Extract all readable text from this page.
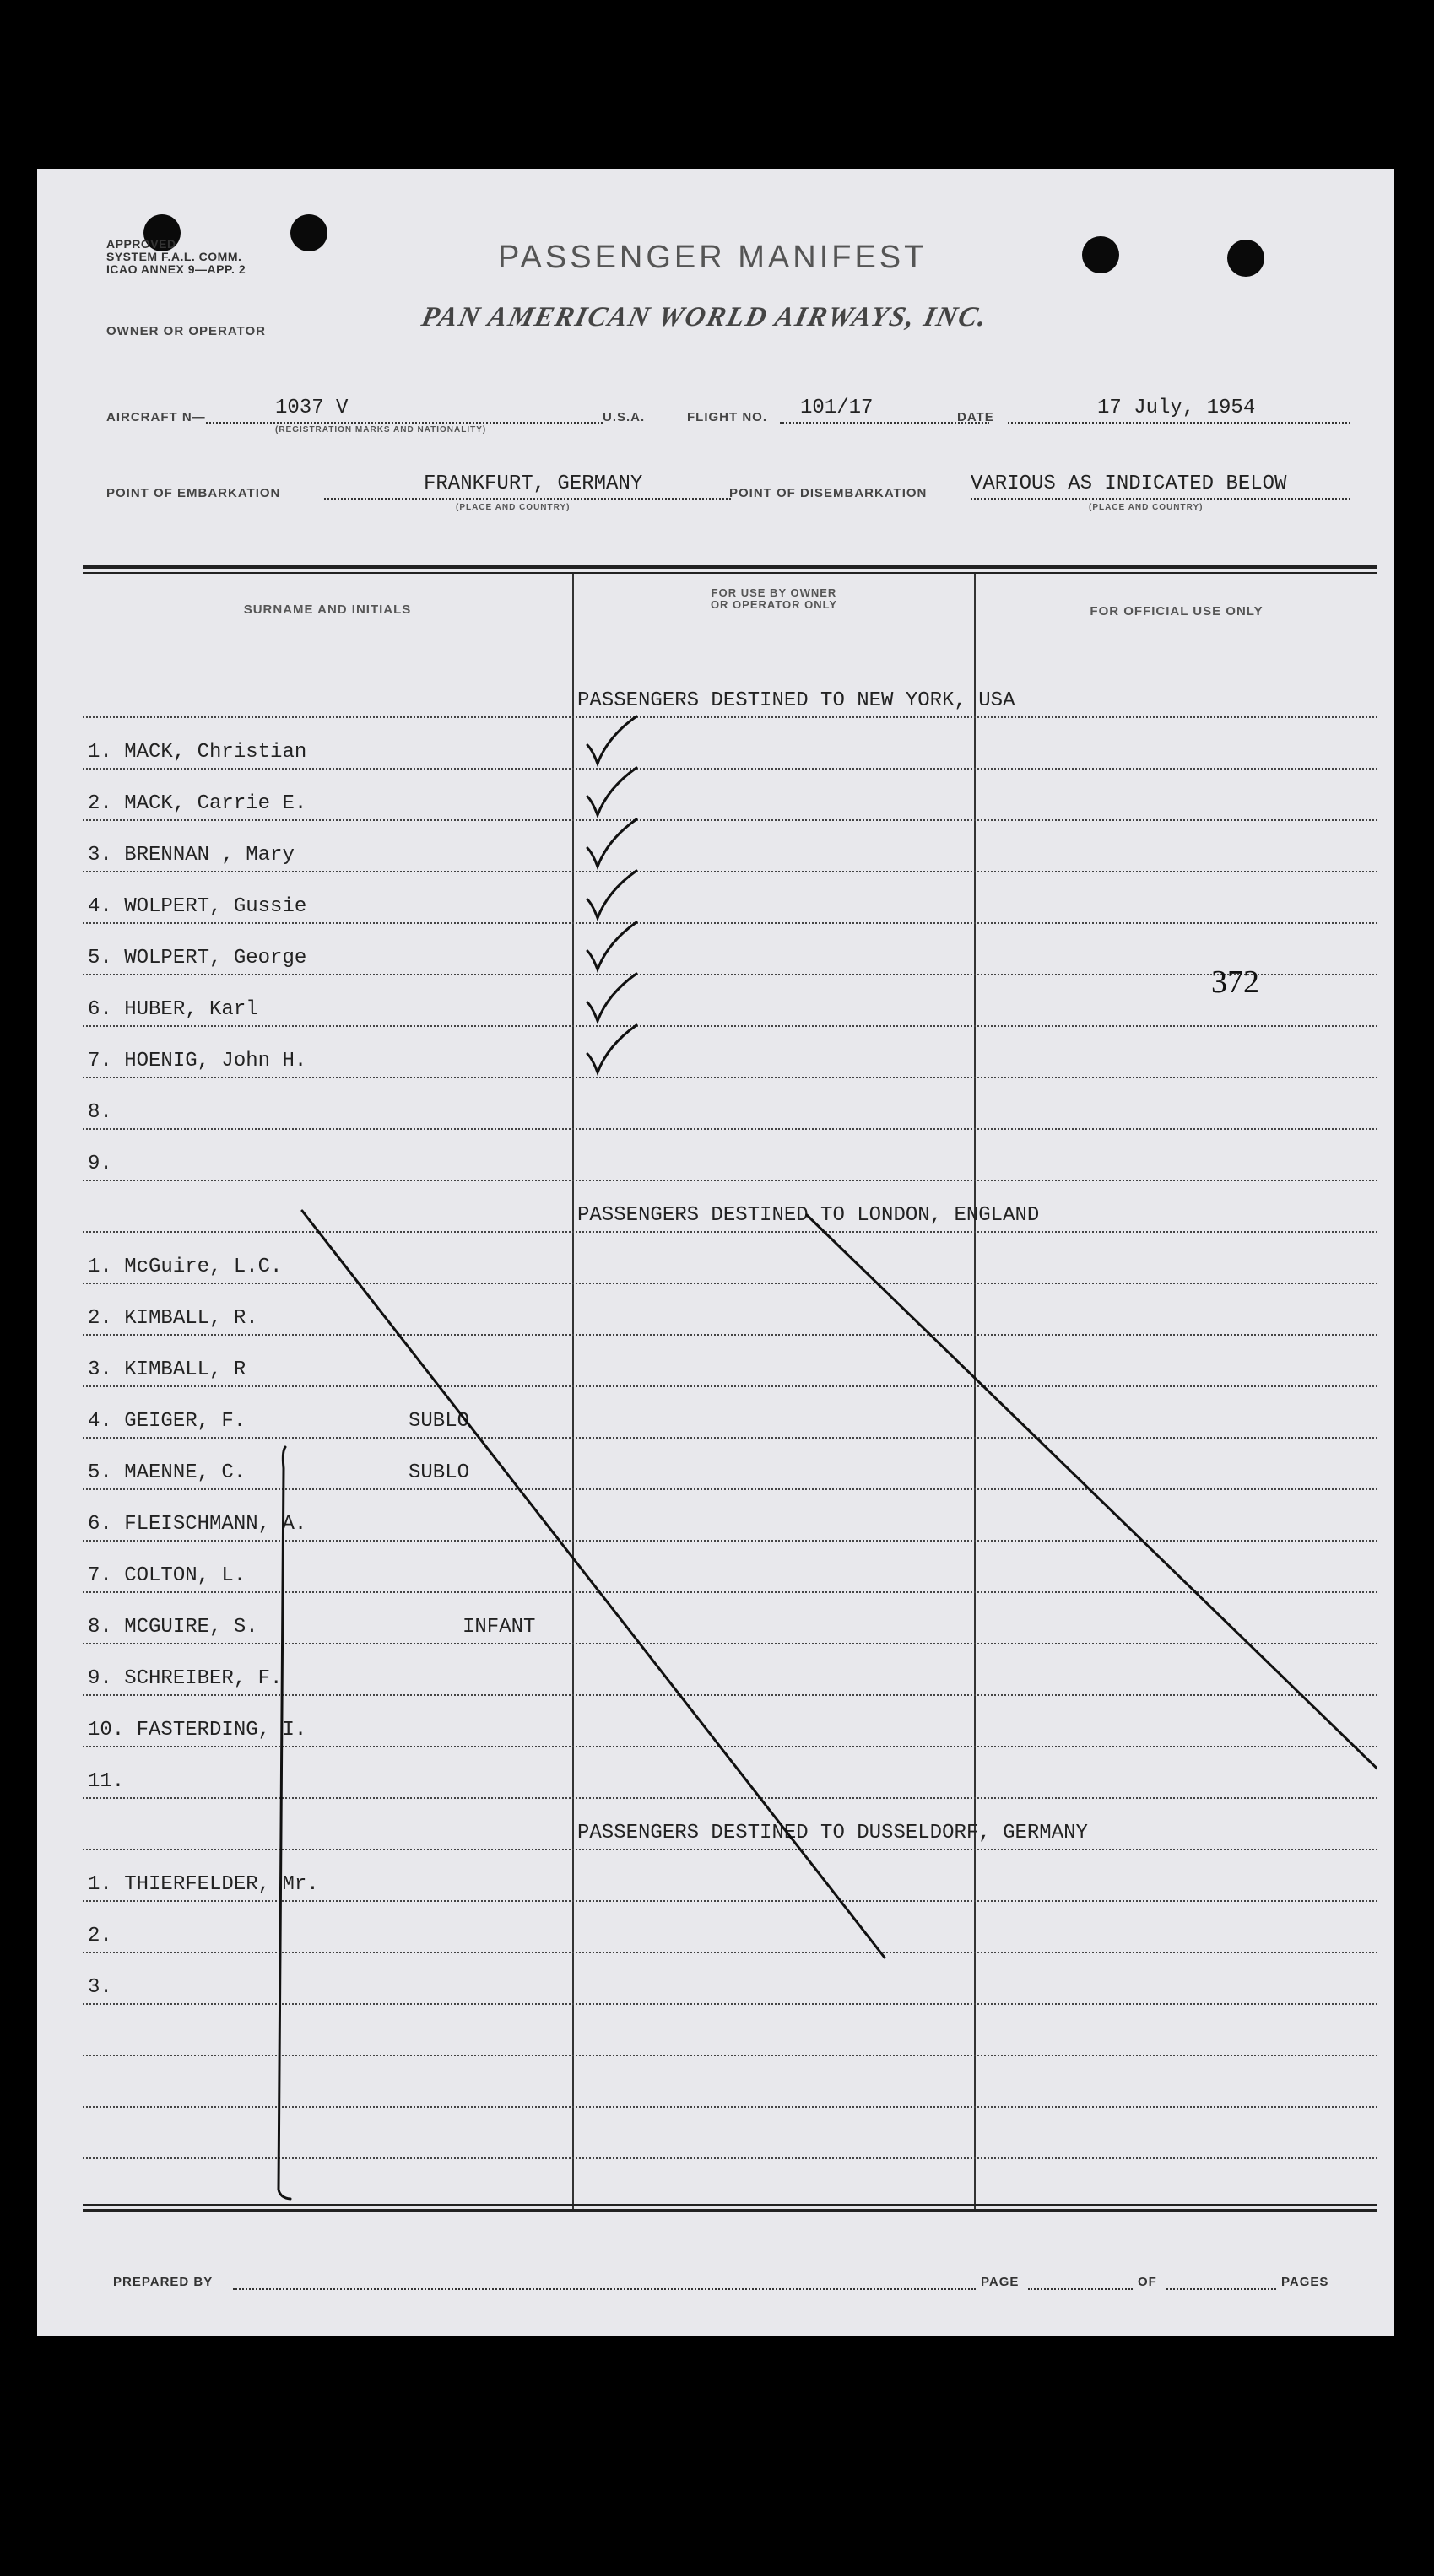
APPROVED
SYSTEM F.A.L. COMM.
ICAO ANNEX 9—APP. 2	PASSENGER MANIFEST
OWNER OR OPERATOR	PAN AMERICAN WORLD AIRWAYS, INC.
AIRCRAFT N—	1037 V
(REGISTRATION MARKS AND NATIONALITY)
U.S.A.	FLIGHT NO.	101/17	DATE	17 July, 1954
POINT OF EMBARKATION	FRANKFURT, GERMANY
(PLACE AND COUNTRY)
POINT OF DISEMBARKATION VARIOUS AS INDICATED BELOW
(PLACE AND COUNTRY)
SURNAME AND INITIALS
FOR USE BY OWNER
OR OPERATOR ONLY	FOR OFFICIAL USE ONLY
PASSENGERS DESTINED TO NEW YORK, USA
1. MACK, Christian
2. MACK, Carrie E.
3. BRENNAN , Mary
4. WOLPERT, Gussie
5. WOLPERT, George
6. HUBER, Karl
7. HOENIG, John H.
8.
9.
PASSENGERS DESTINED TO LONDON, ENGLAND
1. McGuire, L.C.
2. KIMBALL, R.
3. KIMBALL, R
4. GEIGER, F.	SUBLO
5. MAENNE, C.	SUBLO
6. FLEISCHMANN, A.
7. COLTON, L.
8. MCGUIRE, S.	INFANT
9. SCHREIBER, F.
10. FASTERDING, I.
11.
PASSENGERS DESTINED TO DUSSELDORF, GERMANY
1. THIERFELDER, Mr.
2.
3.
372
PREPARED BY	PAGE	OF	PAGES
